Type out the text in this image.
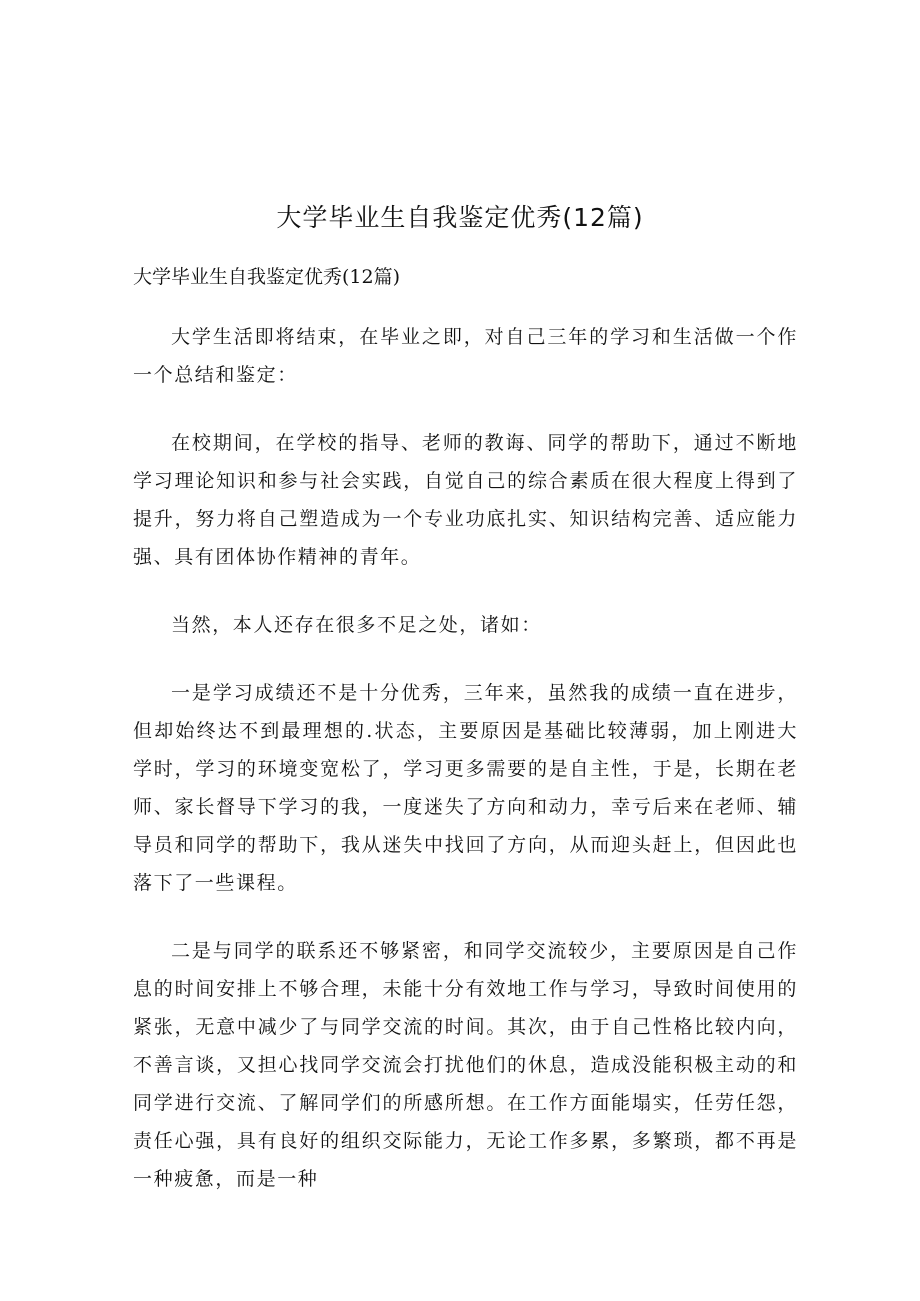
大学毕业生自我鉴定优秀(12篇)

大学毕业生自我鉴定优秀(12篇)

大学生活即将结束，在毕业之即，对自己三年的学习和生活做一个作一个总结和鉴定：

在校期间，在学校的指导、老师的教诲、同学的帮助下，通过不断地学习理论知识和参与社会实践，自觉自己的综合素质在很大程度上得到了提升，努力将自己塑造成为一个专业功底扎实、知识结构完善、适应能力强、具有团体协作精神的青年。

当然，本人还存在很多不足之处，诸如：

一是学习成绩还不是十分优秀，三年来，虽然我的成绩一直在进步，但却始终达不到最理想的.状态，主要原因是基础比较薄弱，加上刚进大学时，学习的环境变宽松了，学习更多需要的是自主性，于是，长期在老师、家长督导下学习的我，一度迷失了方向和动力，幸亏后来在老师、辅导员和同学的帮助下，我从迷失中找回了方向，从而迎头赶上，但因此也落下了一些课程。

二是与同学的联系还不够紧密，和同学交流较少，主要原因是自己作息的时间安排上不够合理，未能十分有效地工作与学习，导致时间使用的紧张，无意中减少了与同学交流的时间。其次，由于自己性格比较内向，不善言谈，又担心找同学交流会打扰他们的休息，造成没能积极主动的和同学进行交流、了解同学们的所感所想。在工作方面能塌实，任劳任怨，责任心强，具有良好的组织交际能力，无论工作多累，多繁琐，都不再是一种疲惫，而是一种
